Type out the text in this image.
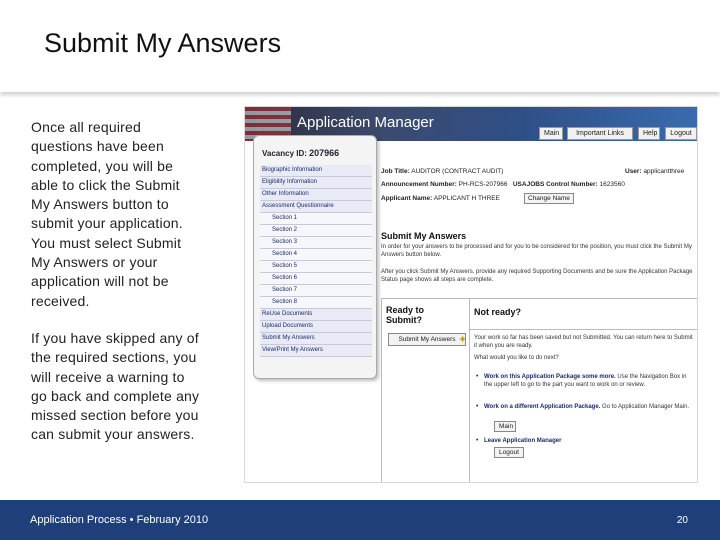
Submit My Answers
Once all required questions have been completed, you will be able to click the Submit My Answers button to submit your application. You must select Submit My Answers or your application will not be received.
If you have skipped any of the required sections, you will receive a warning to go back and complete any missed section before you can submit your answers.
Application Manager
Main	Important Links	Help	Logout
Vacancy ID: 207966
Biographic Information
Eligibility Information
Other Information
Assessment Questionnaire
Section 1
Section 2
Section 3
Section 4
Section 5
Section 6
Section 7
Section 8
ReUse Documents
Upload Documents
Submit My Answers
View/Print My Answers
Job Title: AUDITOR (CONTRACT AUDIT)	User: applicantthree
Announcement Number: PH-RCS-207966 USAJOBS Control Number: 1623560
Applicant Name: APPLICANT H THREE	Change Name
Submit My Answers
In order for your answers to be processed and for you to be considered for the position, you must click the Submit My Answers button below.
After you click Submit My Answers, provide any required Supporting Documents and be sure the Application Package Status page shows all steps are complete.
Ready to Submit?
Submit My Answers ✦
Not ready?
Your work so far has been saved but not Submitted. You can return here to Submit it when you are ready.
What would you like to do next?
• Work on this Application Package some more. Use the Navigation Box in the upper left to go to the part you want to work on or review.
• Work on a different Application Package. Go to Application Manager Main.
Main
• Leave Application Manager
Logout
Application Process • February 2010	20
